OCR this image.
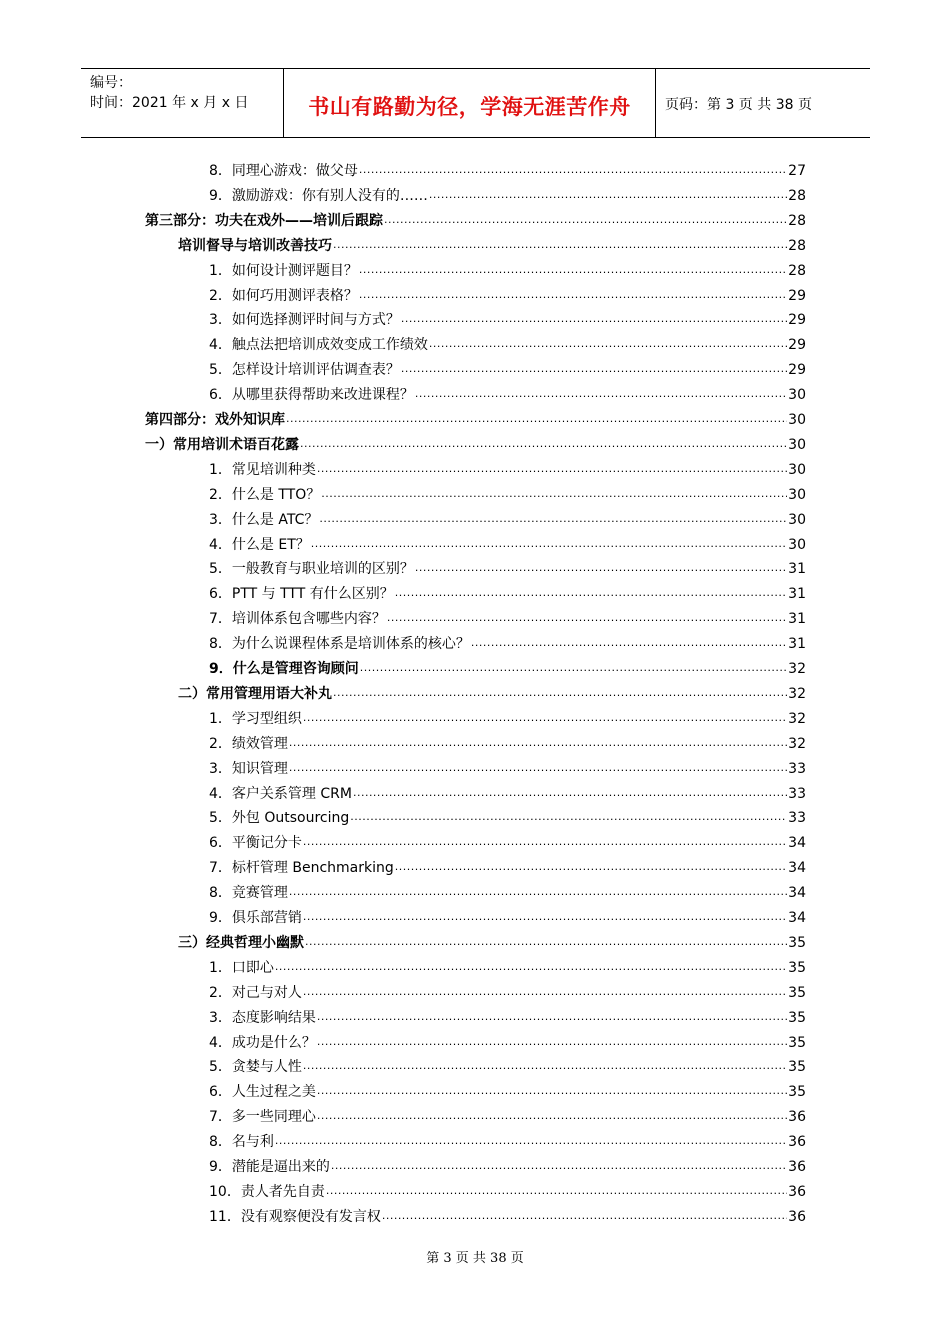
编号：
时间：2021 年 x 月 x 日	书山有路勤为径，学海无涯苦作舟	页码：第 3 页 共 38 页
8．同理心游戏：做父母 .....	27
9．激励游戏：你有别人没有的…… .....	28
第三部分：功夫在戏外——培训后跟踪 .....	28
培训督导与培训改善技巧 .....	28
1．如何设计测评题目？ .....	28
2．如何巧用测评表格？ .....	29
3．如何选择测评时间与方式？ .....	29
4．触点法把培训成效变成工作绩效 .....	29
5．怎样设计培训评估调查表？ .....	29
6．从哪里获得帮助来改进课程？ .....	30
第四部分：戏外知识库 .....	30
一）常用培训术语百花露 .....	30
1．常见培训种类 .....	30
2．什么是 TTO？ .....	30
3．什么是 ATC？ .....	30
4．什么是 ET？ .....	30
5．一般教育与职业培训的区别？ .....	31
6．PTT 与 TTT 有什么区别？ .....	31
7．培训体系包含哪些内容？ .....	31
8．为什么说课程体系是培训体系的核心？ .....	31
9．什么是管理咨询顾问 .....	32
二）常用管理用语大补丸 .....	32
1．学习型组织 .....	32
2．绩效管理 .....	32
3．知识管理 .....	33
4．客户关系管理 CRM .....	33
5．外包 Outsourcing .....	33
6．平衡记分卡 .....	34
7．标杆管理 Benchmarking .....	34
8．竞赛管理 .....	34
9．俱乐部营销 .....	34
三）经典哲理小幽默 .....	35
1．口即心 .....	35
2．对己与对人 .....	35
3．态度影响结果 .....	35
4．成功是什么？ .....	35
5．贪婪与人性 .....	35
6．人生过程之美 .....	35
7．多一些同理心 .....	36
8．名与利 .....	36
9．潜能是逼出来的 .....	36
10．责人者先自责 .....	36
11．没有观察便没有发言权 .....	36
第 3 页 共 38 页
